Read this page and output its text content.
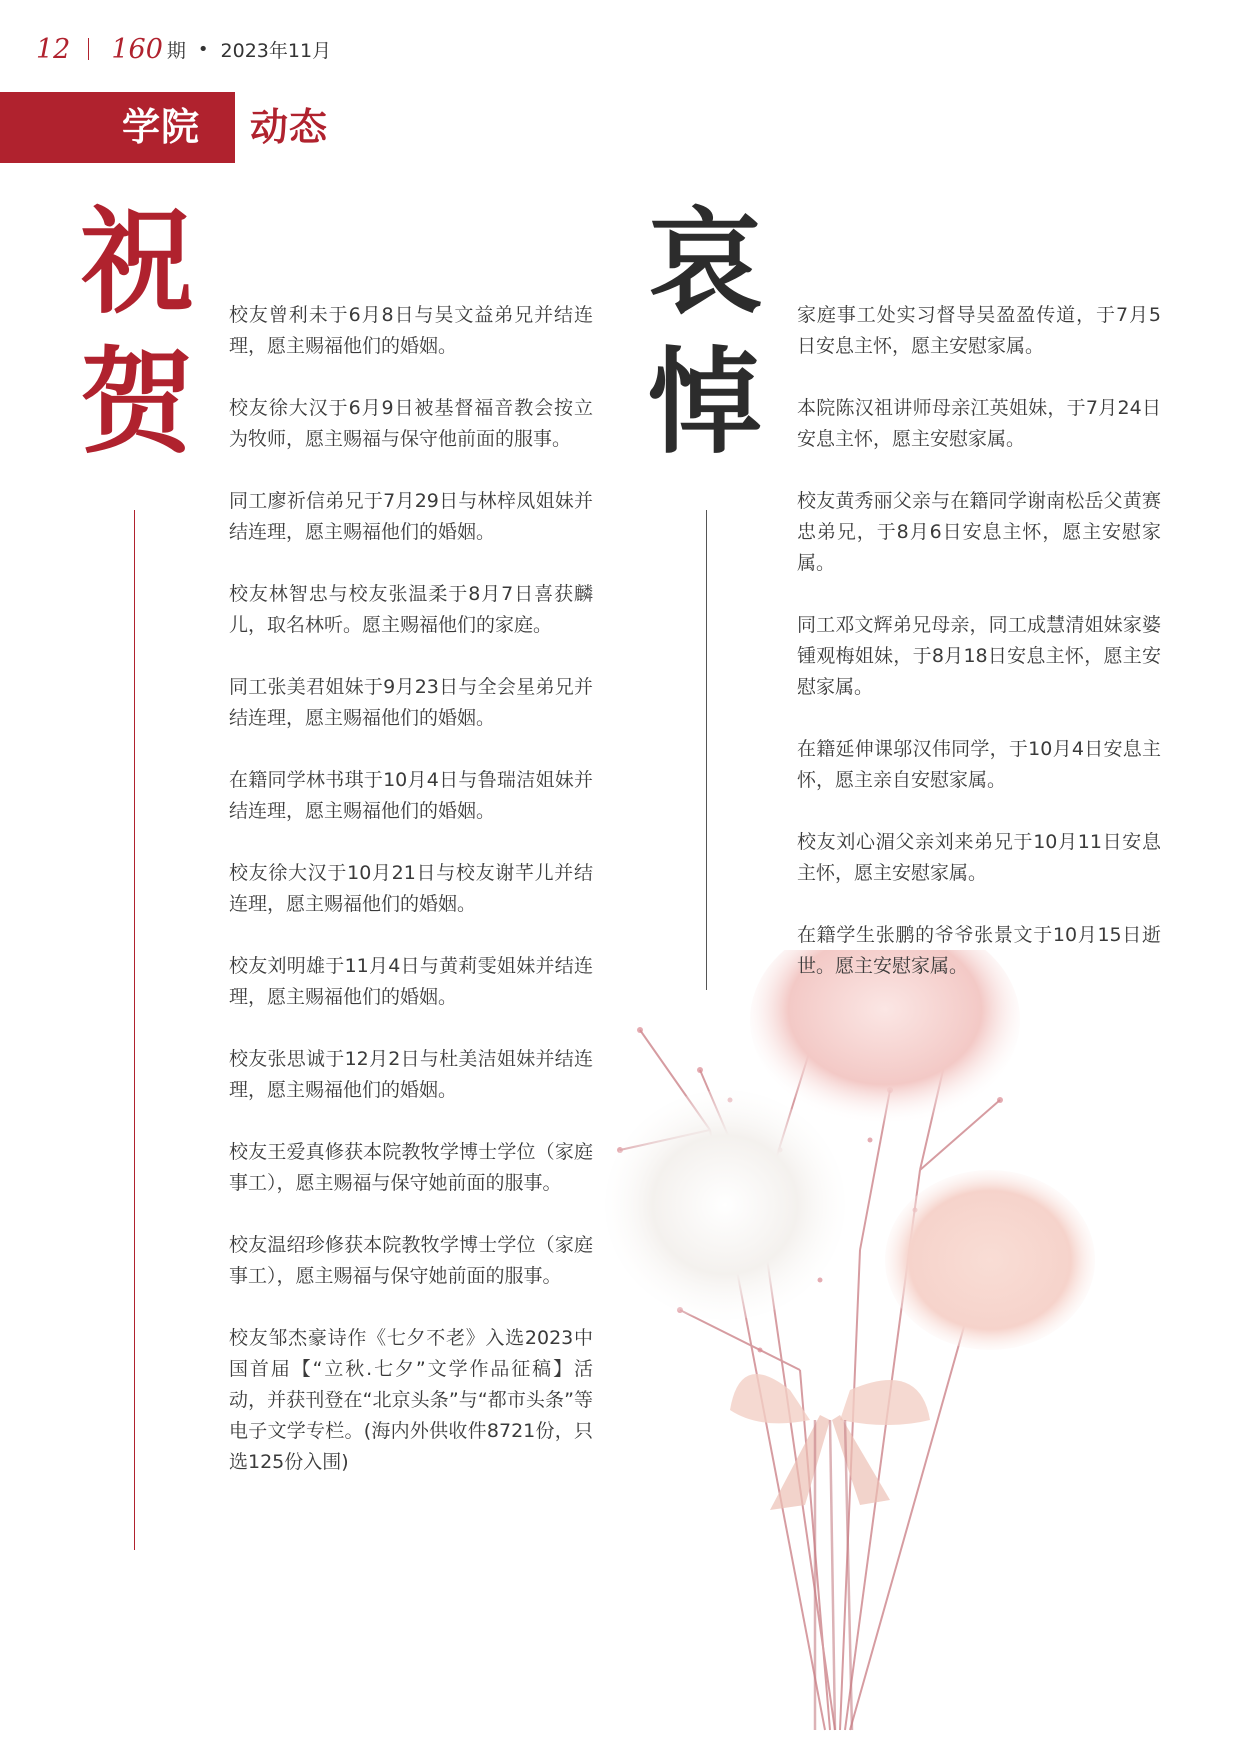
12 160 期 • 2023年11月
学院 动态
祝
贺
哀
悼

校友曾利未于6月8日与吴文益弟兄并结连理，愿主赐福他们的婚姻。

校友徐大汉于6月9日被基督福音教会按立为牧师，愿主赐福与保守他前面的服事。

同工廖祈信弟兄于7月29日与林梓凤姐妹并结连理，愿主赐福他们的婚姻。

校友林智忠与校友张温柔于8月7日喜获麟儿，取名林听。愿主赐福他们的家庭。

同工张美君姐妹于9月23日与全会星弟兄并结连理，愿主赐福他们的婚姻。

在籍同学林书琪于10月4日与鲁瑞洁姐妹并结连理，愿主赐福他们的婚姻。

校友徐大汉于10月21日与校友谢芊儿并结连理，愿主赐福他们的婚姻。

校友刘明雄于11月4日与黄莉雯姐妹并结连理，愿主赐福他们的婚姻。

校友张思诚于12月2日与杜美洁姐妹并结连理，愿主赐福他们的婚姻。

校友王爱真修获本院教牧学博士学位（家庭事工），愿主赐福与保守她前面的服事。

校友温绍珍修获本院教牧学博士学位（家庭事工），愿主赐福与保守她前面的服事。

校友邹杰豪诗作《七夕不老》入选2023中国首届【“立秋.七夕”文学作品征稿】活动，并获刊登在“北京头条”与“都市头条”等电子文学专栏。(海内外供收件8721份，只选125份入围)

家庭事工处实习督导吴盈盈传道，于7月5日安息主怀，愿主安慰家属。

本院陈汉祖讲师母亲江英姐妹，于7月24日安息主怀，愿主安慰家属。

校友黄秀丽父亲与在籍同学谢南松岳父黄赛忠弟兄，于8月6日安息主怀，愿主安慰家属。

同工邓文辉弟兄母亲，同工成慧清姐妹家婆锺观梅姐妹，于8月18日安息主怀，愿主安慰家属。

在籍延伸课邬汉伟同学，于10月4日安息主怀，愿主亲自安慰家属。

校友刘心湄父亲刘来弟兄于10月11日安息主怀，愿主安慰家属。

在籍学生张鹏的爷爷张景文于10月15日逝世。愿主安慰家属。
